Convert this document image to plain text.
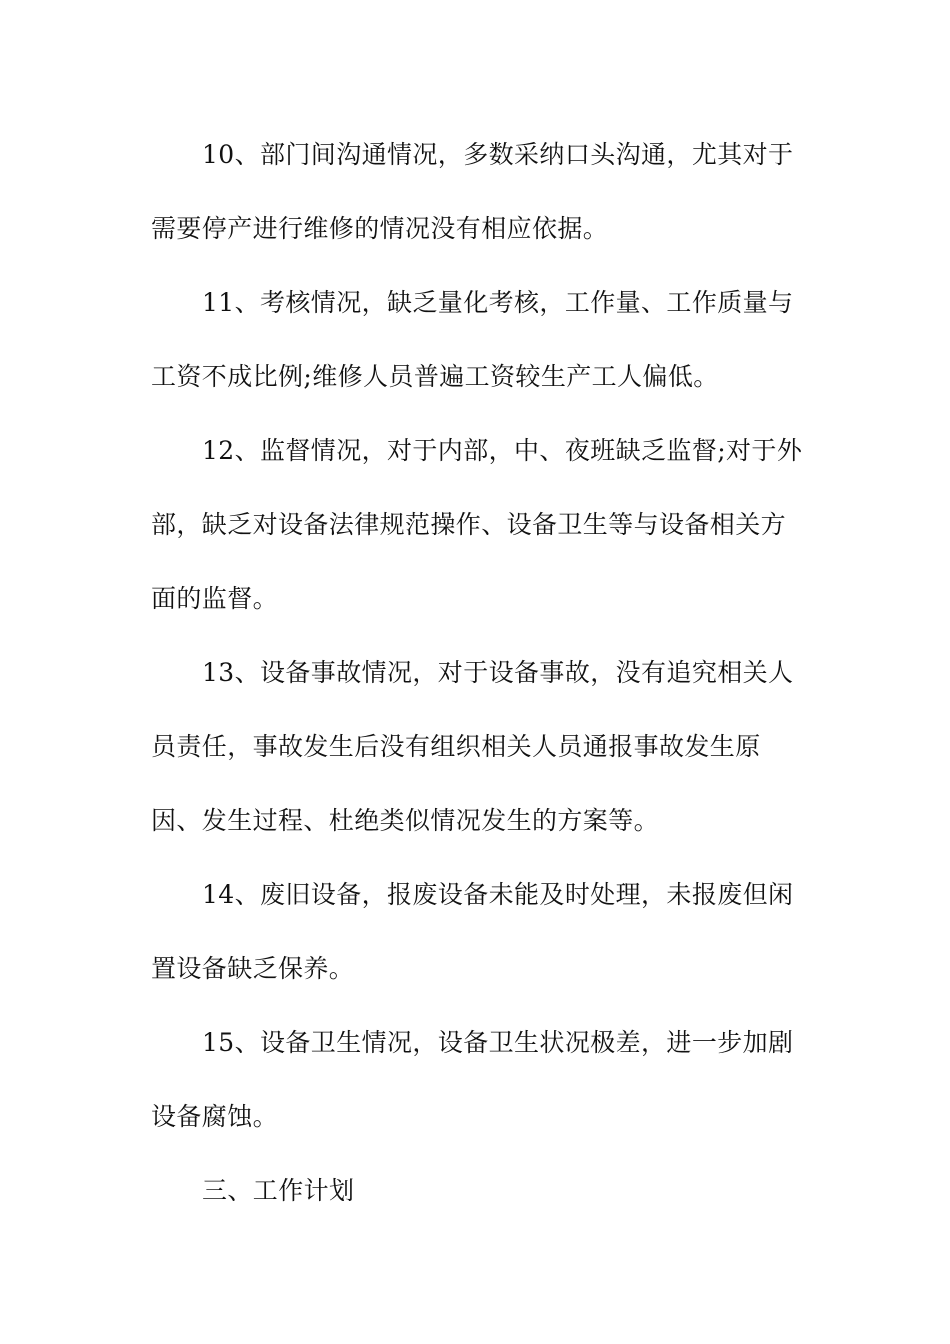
10、部门间沟通情况，多数采纳口头沟通，尤其对于
需要停产进行维修的情况没有相应依据。

11、考核情况，缺乏量化考核，工作量、工作质量与
工资不成比例;维修人员普遍工资较生产工人偏低。

12、监督情况，对于内部，中、夜班缺乏监督;对于外
部，缺乏对设备法律规范操作、设备卫生等与设备相关方
面的监督。

13、设备事故情况，对于设备事故，没有追究相关人
员责任，事故发生后没有组织相关人员通报事故发生原
因、发生过程、杜绝类似情况发生的方案等。

14、废旧设备，报废设备未能及时处理，未报废但闲
置设备缺乏保养。

15、设备卫生情况，设备卫生状况极差，进一步加剧
设备腐蚀。

三、工作计划
